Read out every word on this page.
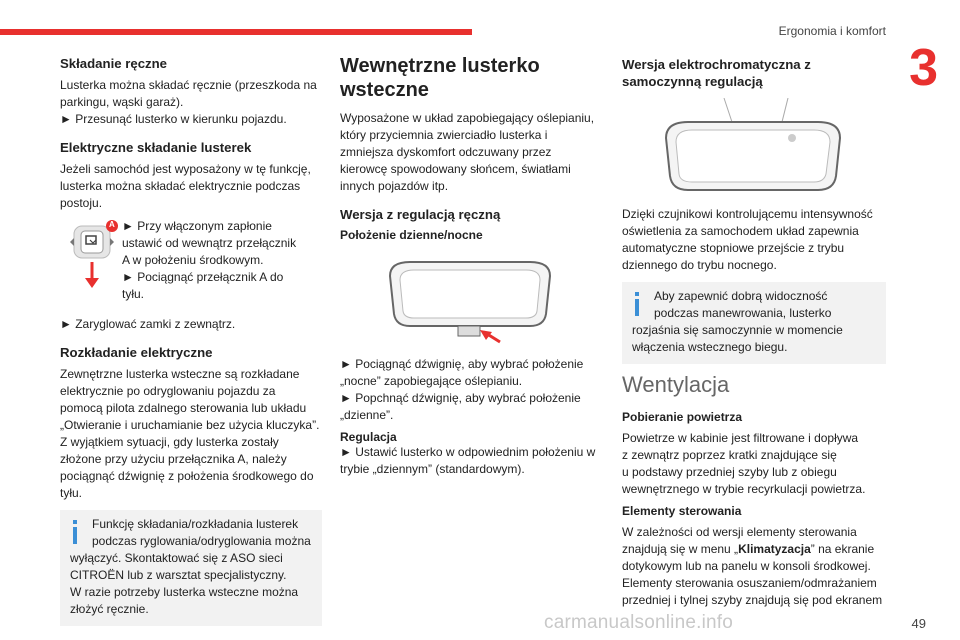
Ergonomia i komfort
3
Składanie ręczne

Lusterka można składać ręcznie (przeszkoda na
parkingu, wąski garaż).
► Przesunąć lusterko w kierunku pojazdu.

Elektryczne składanie lusterek

Jeżeli samochód jest wyposażony w tę funkcję,
lusterka można składać elektrycznie podczas
postoju.

A ► Przy włączonym zapłonie
ustawić od wewnątrz przełącznik
A w położeniu środkowym.
► Pociągnąć przełącznik A do
tyłu.

► Zaryglować zamki z zewnątrz.

Rozkładanie elektryczne

Zewnętrzne lusterka wsteczne są rozkładane
elektrycznie po odryglowaniu pojazdu za
pomocą pilota zdalnego sterowania lub układu
„Otwieranie i uruchamianie bez użycia kluczyka”.
Z wyjątkiem sytuacji, gdy lusterka zostały
złożone przy użyciu przełącznika A, należy
pociągnąć dźwignię z położenia środkowego do
tyłu.

Funkcję składania/rozkładania lusterek
podczas ryglowania/odryglowania można
wyłączyć. Skontaktować się z ASO sieci
CITROËN lub z warsztat specjalistyczny.
W razie potrzeby lusterka wsteczne można
złożyć ręcznie.
Wewnętrzne lusterko wsteczne

Wyposażone w układ zapobiegający oślepianiu,
który przyciemnia zwierciadło lusterka i
zmniejsza dyskomfort odczuwany przez
kierowcę spowodowany słońcem, światłami
innych pojazdów itp.

Wersja z regulacją ręczną
Położenie dzienne/nocne

► Pociągnąć dźwignię, aby wybrać położenie
„nocne” zapobiegające oślepianiu.
► Popchnąć dźwignię, aby wybrać położenie
„dzienne”.

Regulacja

► Ustawić lusterko w odpowiednim położeniu w
trybie „dziennym” (standardowym).

Wersja elektrochromatyczna z samoczynną regulacją

Dzięki czujnikowi kontrolującemu intensywność
oświetlenia za samochodem układ zapewnia
automatyczne stopniowe przejście z trybu
dziennego do trybu nocnego.

Aby zapewnić dobrą widoczność
podczas manewrowania, lusterko
rozjaśnia się samoczynnie w momencie
włączenia wstecznego biegu.
Wentylacja
Pobieranie powietrza

Powietrze w kabinie jest filtrowane i dopływa
z zewnątrz poprzez kratki znajdujące się
u podstawy przedniej szyby lub z obiegu
wewnętrznego w trybie recyrkulacji powietrza.

Elementy sterowania

W zależności od wersji elementy sterowania
znajdują się w menu „Klimatyzacja” na ekranie
dotykowym lub na panelu w konsoli środkowej.
Elementy sterowania osuszaniem/odmrażaniem
przedniej i tylnej szyby znajdują się pod ekranem

carmanualsonline.info	49
